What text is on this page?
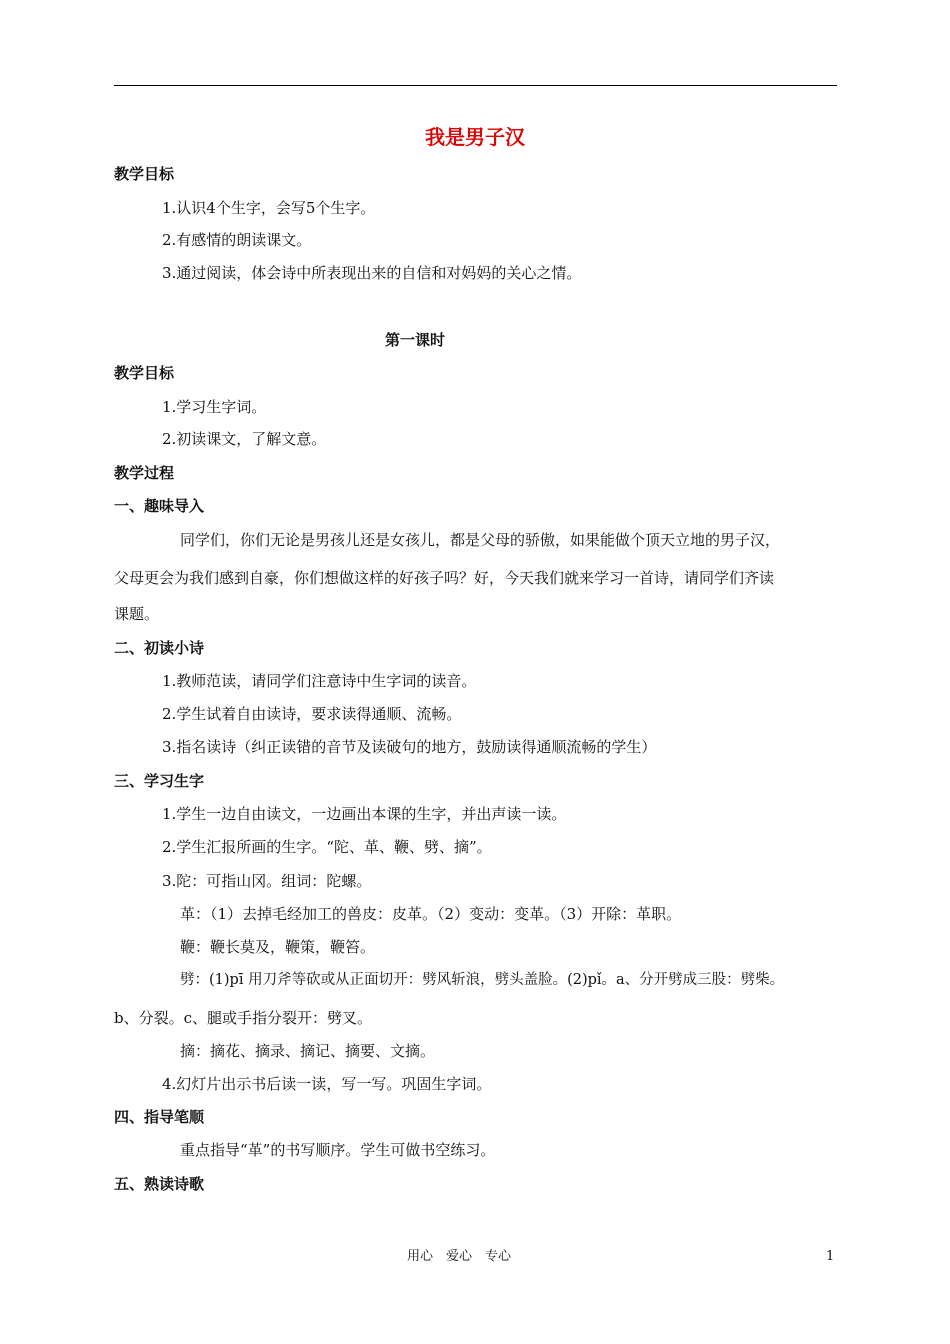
我是男子汉
教学目标
1.认识4个生字，会写5个生字。
2.有感情的朗读课文。
3.通过阅读，体会诗中所表现出来的自信和对妈妈的关心之情。
第一课时
教学目标
1.学习生字词。
2.初读课文，了解文意。
教学过程
一、趣味导入
同学们，你们无论是男孩儿还是女孩儿，都是父母的骄傲，如果能做个顶天立地的男子汉，
父母更会为我们感到自豪，你们想做这样的好孩子吗？好，今天我们就来学习一首诗，请同学们齐读
课题。
二、初读小诗
1.教师范读，请同学们注意诗中生字词的读音。
2.学生试着自由读诗，要求读得通顺、流畅。
3.指名读诗（纠正读错的音节及读破句的地方，鼓励读得通顺流畅的学生）
三、学习生字
1.学生一边自由读文，一边画出本课的生字，并出声读一读。
2.学生汇报所画的生字。“陀、革、鞭、劈、摘”。
3.陀：可指山冈。组词：陀螺。
革：（1）去掉毛经加工的兽皮：皮革。（2）变动：变革。（3）开除：革职。
鞭：鞭长莫及，鞭策，鞭笞。
劈：(1)pī 用刀斧等砍或从正面切开：劈风斩浪，劈头盖脸。(2)pǐ。a、分开劈成三股：劈柴。
b、分裂。c、腿或手指分裂开：劈叉。
摘：摘花、摘录、摘记、摘要、文摘。
4.幻灯片出示书后读一读，写一写。巩固生字词。
四、指导笔顺
重点指导“革”的书写顺序。学生可做书空练习。
五、熟读诗歌
用心　爱心　专心	1
